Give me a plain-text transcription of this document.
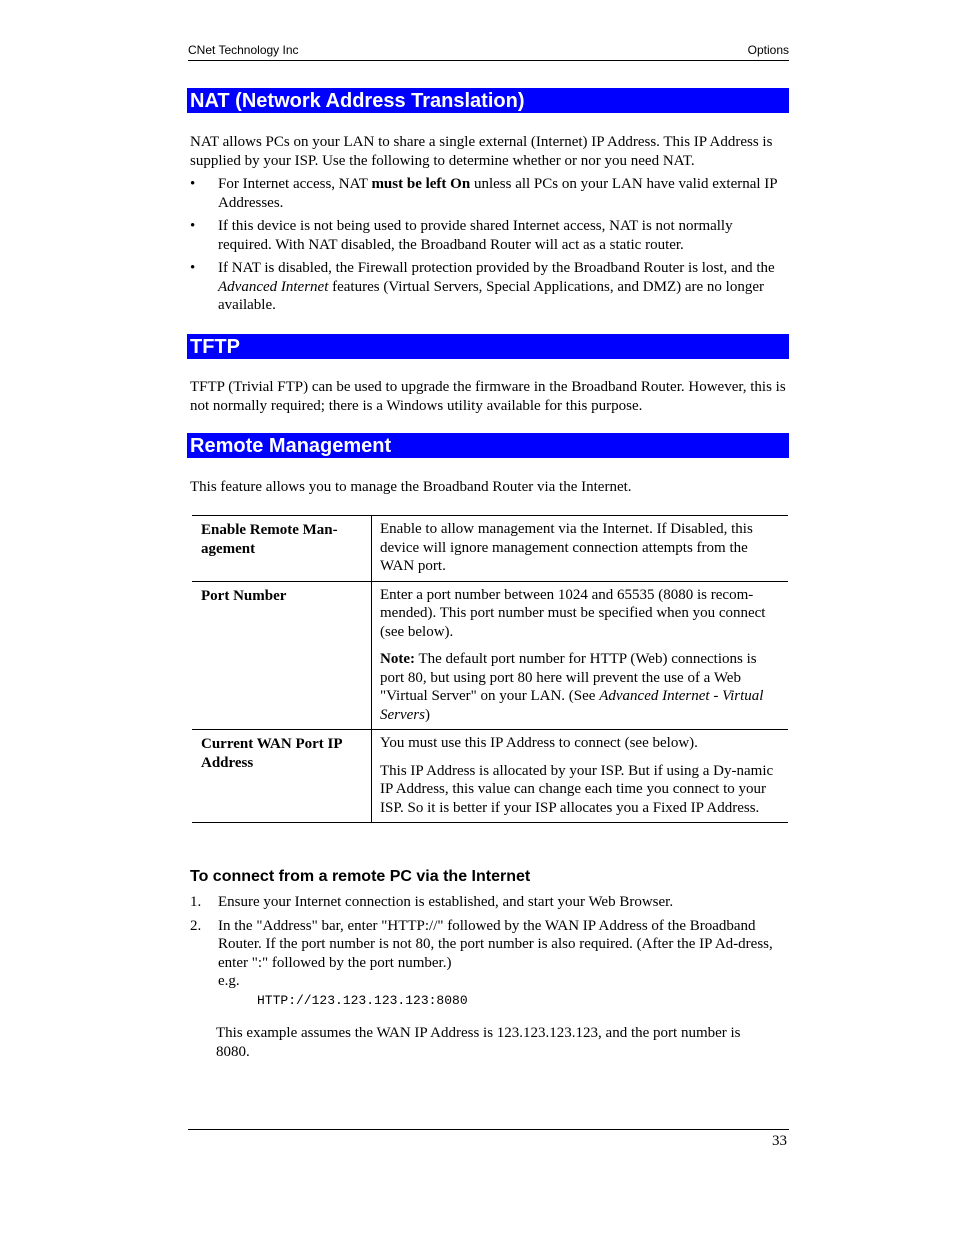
CNet Technology Inc	Options
NAT (Network Address Translation)
NAT allows PCs on your LAN to share a single external (Internet) IP Address. This IP Address is supplied by your ISP. Use the following to determine whether or nor you need NAT.
• For Internet access, NAT must be left On unless all PCs on your LAN have valid external IP Addresses.
• If this device is not being used to provide shared Internet access, NAT is not normally required. With NAT disabled, the Broadband Router will act as a static router.
• If NAT is disabled, the Firewall protection provided by the Broadband Router is lost, and the Advanced Internet features (Virtual Servers, Special Applications, and DMZ) are no longer available.
TFTP
TFTP (Trivial FTP) can be used to upgrade the firmware in the Broadband Router. However, this is not normally required; there is a Windows utility available for this purpose.
Remote Management
This feature allows you to manage the Broadband Router via the Internet.
Enable Remote Man-agement	Enable to allow management via the Internet. If Disabled, this device will ignore management connection attempts from the WAN port.

Port Number	Enter a port number between 1024 and 65535 (8080 is recom-mended). This port number must be specified when you connect (see below).

Note: The default port number for HTTP (Web) connections is port 80, but using port 80 here will prevent the use of a Web "Virtual Server" on your LAN. (See Advanced Internet - Virtual Servers)

Current WAN Port IP Address	You must use this IP Address to connect (see below).

This IP Address is allocated by your ISP. But if using a Dy-namic IP Address, this value can change each time you connect to your ISP. So it is better if your ISP allocates you a Fixed IP Address.

To connect from a remote PC via the Internet
1. Ensure your Internet connection is established, and start your Web Browser.
2. In the "Address" bar, enter "HTTP://" followed by the WAN IP Address of the Broadband Router. If the port number is not 80, the port number is also required. (After the IP Ad-dress, enter ":" followed by the port number.)
e.g.
HTTP://123.123.123.123:8080
This example assumes the WAN IP Address is 123.123.123.123, and the port number is 8080.
33
